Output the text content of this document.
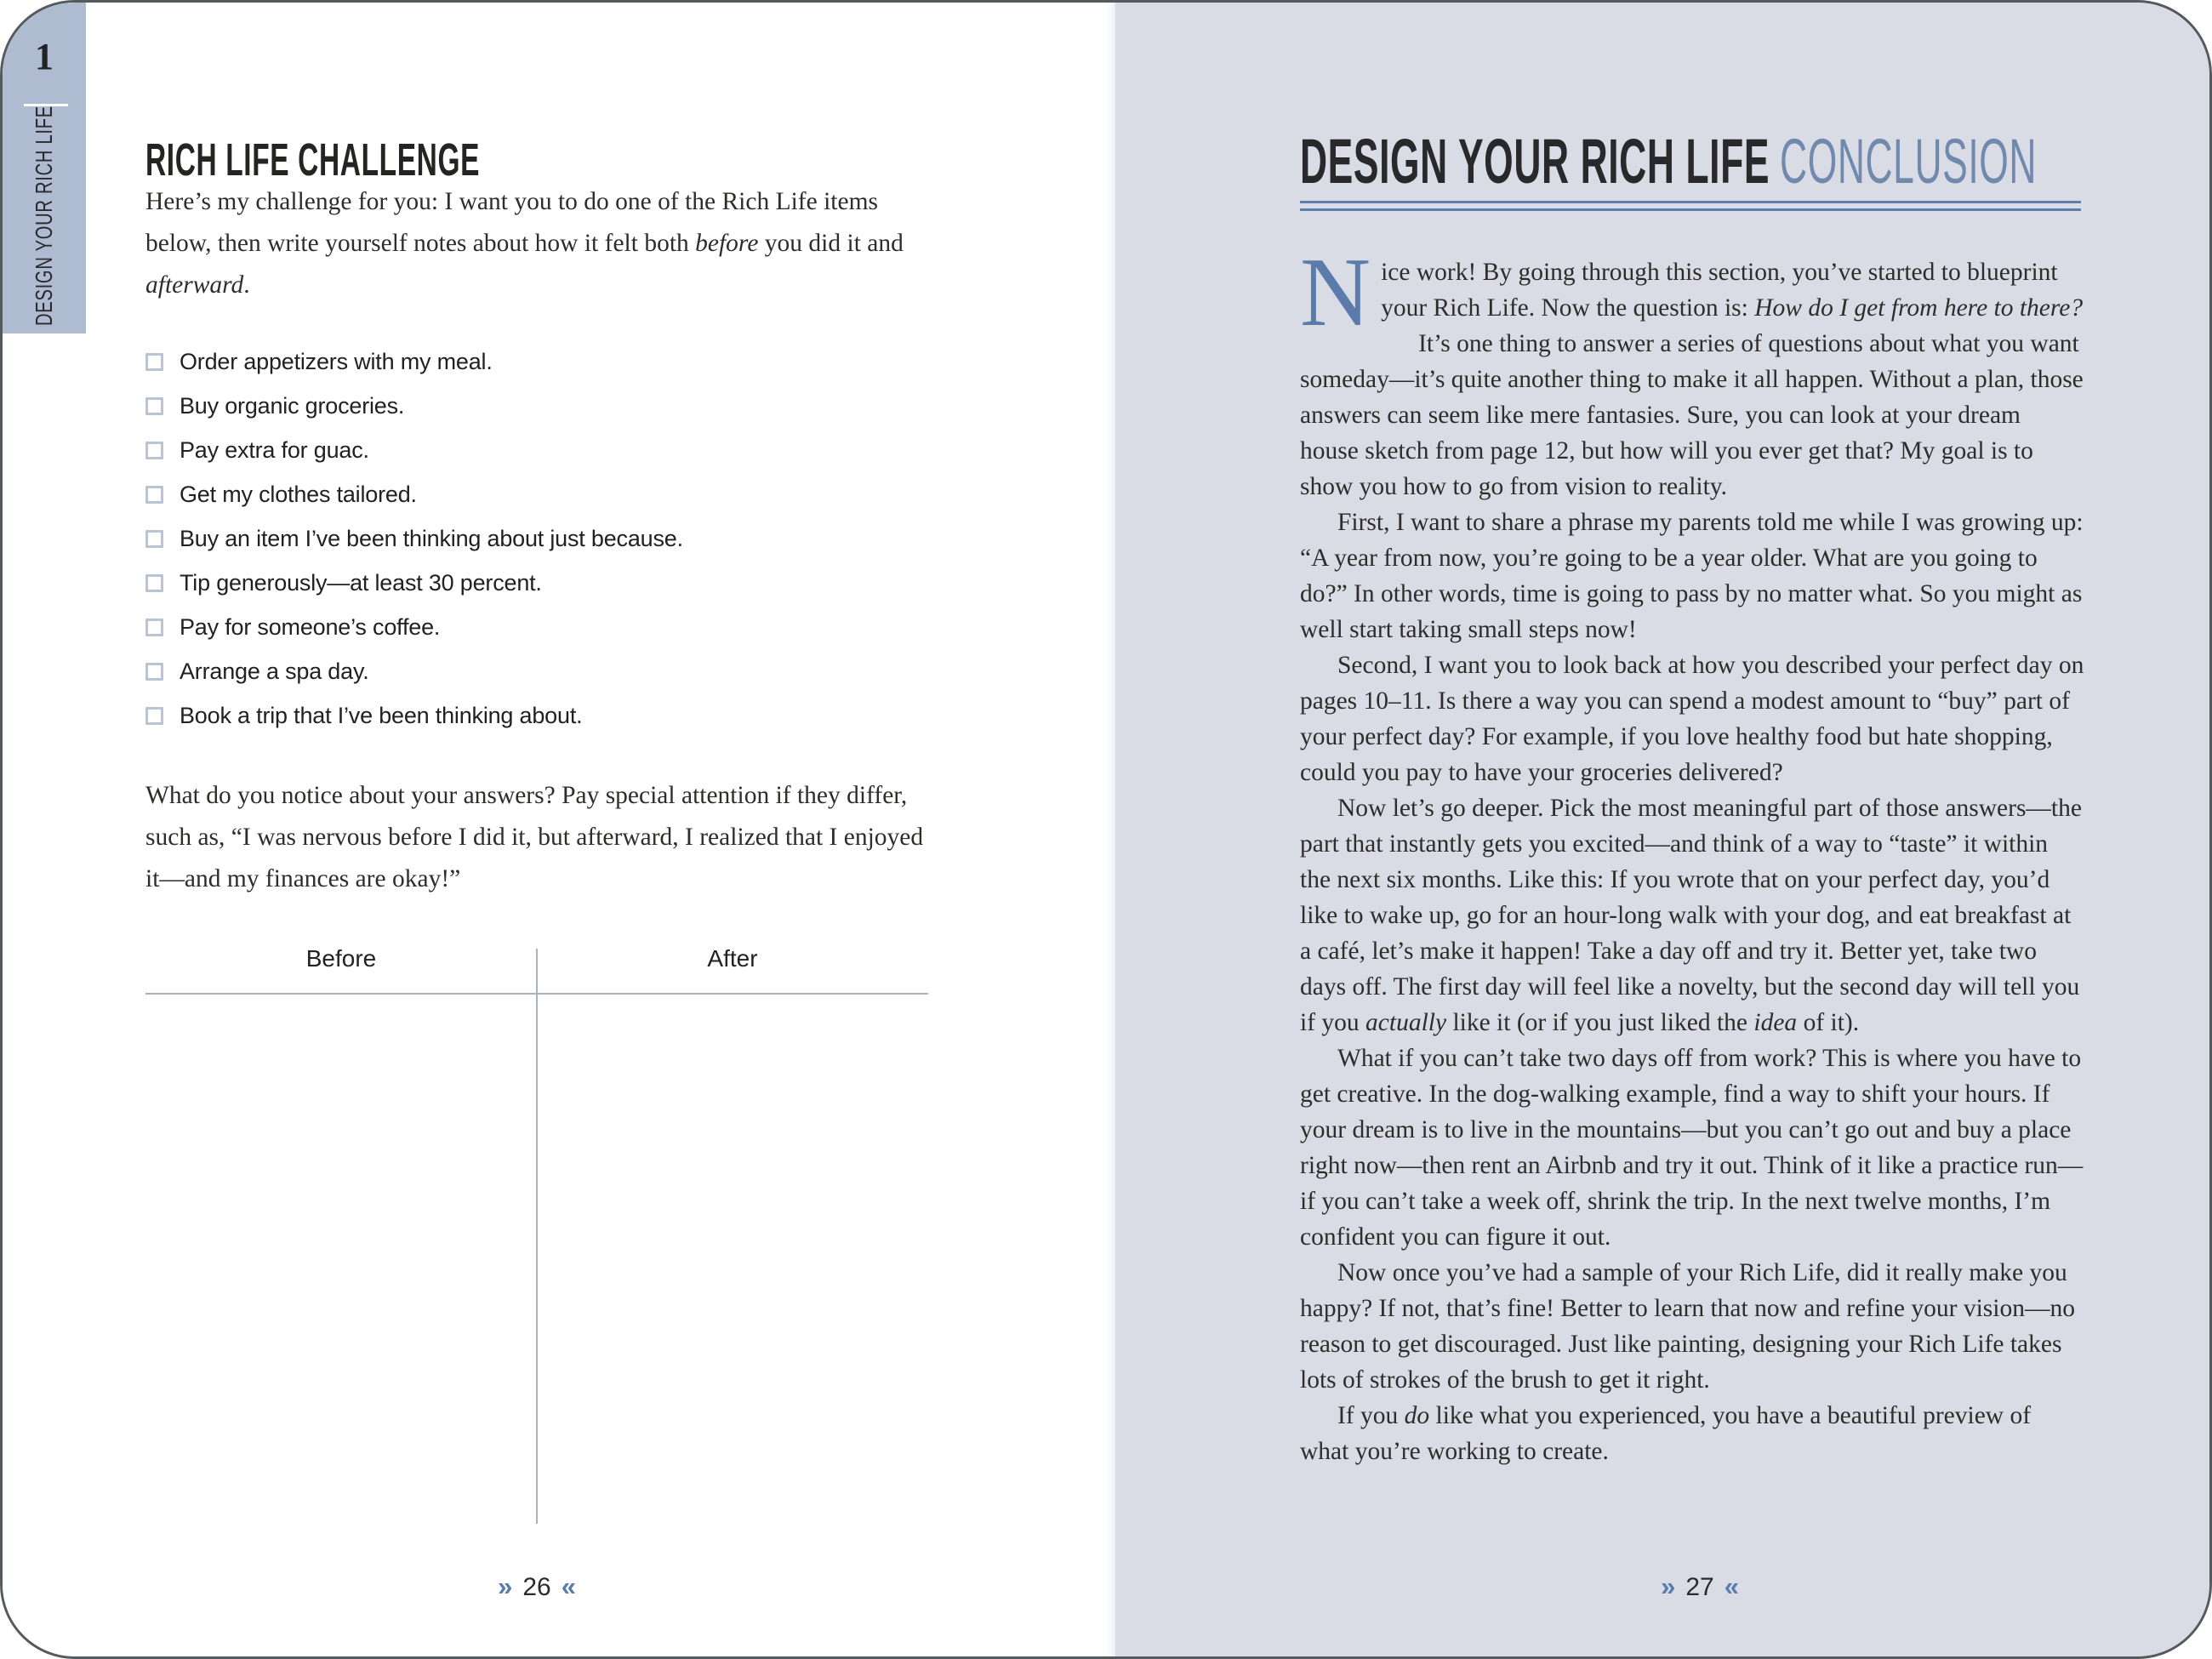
1
DESIGN YOUR RICH LIFE RICH LIFE CHALLENGE
Here’s my challenge for you: I want you to do one of the Rich Life items below, then write yourself notes about how it felt both before you did it and afterward.
Order appetizers with my meal.
Buy organic groceries.
Pay extra for guac.
Get my clothes tailored.
Buy an item I’ve been thinking about just because.
Tip generously—at least 30 percent.
Pay for someone’s coffee.
Arrange a spa day.
Book a trip that I’ve been thinking about.
What do you notice about your answers? Pay special attention if they differ, such as, “I was nervous before I did it, but afterward, I realized that I enjoyed it—and my finances are okay!”
Before	After
» 26 «
DESIGN YOUR RICH LIFE CONCLUSION

Nice work! By going through this section, you’ve started to blueprint your Rich Life. Now the question is: How do I get from here to there?

It’s one thing to answer a series of questions about what you want someday—it’s quite another thing to make it all happen. Without a plan, those answers can seem like mere fantasies. Sure, you can look at your dream house sketch from page 12, but how will you ever get that? My goal is to show you how to go from vision to reality.

First, I want to share a phrase my parents told me while I was growing up: “A year from now, you’re going to be a year older. What are you going to do?” In other words, time is going to pass by no matter what. So you might as well start taking small steps now!

Second, I want you to look back at how you described your perfect day on pages 10–11. Is there a way you can spend a modest amount to “buy” part of your perfect day? For example, if you love healthy food but hate shopping, could you pay to have your groceries delivered?

Now let’s go deeper. Pick the most meaningful part of those answers—the part that instantly gets you excited—and think of a way to “taste” it within the next six months. Like this: If you wrote that on your perfect day, you’d like to wake up, go for an hour-long walk with your dog, and eat breakfast at a café, let’s make it happen! Take a day off and try it. Better yet, take two days off. The first day will feel like a novelty, but the second day will tell you if you actually like it (or if you just liked the idea of it).

What if you can’t take two days off from work? This is where you have to get creative. In the dog-walking example, find a way to shift your hours. If your dream is to live in the mountains—but you can’t go out and buy a place right now—then rent an Airbnb and try it out. Think of it like a practice run—if you can’t take a week off, shrink the trip. In the next twelve months, I’m confident you can figure it out.

Now once you’ve had a sample of your Rich Life, did it really make you happy? If not, that’s fine! Better to learn that now and refine your vision—no reason to get discouraged. Just like painting, designing your Rich Life takes lots of strokes of the brush to get it right.

If you do like what you experienced, you have a beautiful preview of what you’re working to create.

» 27 «
